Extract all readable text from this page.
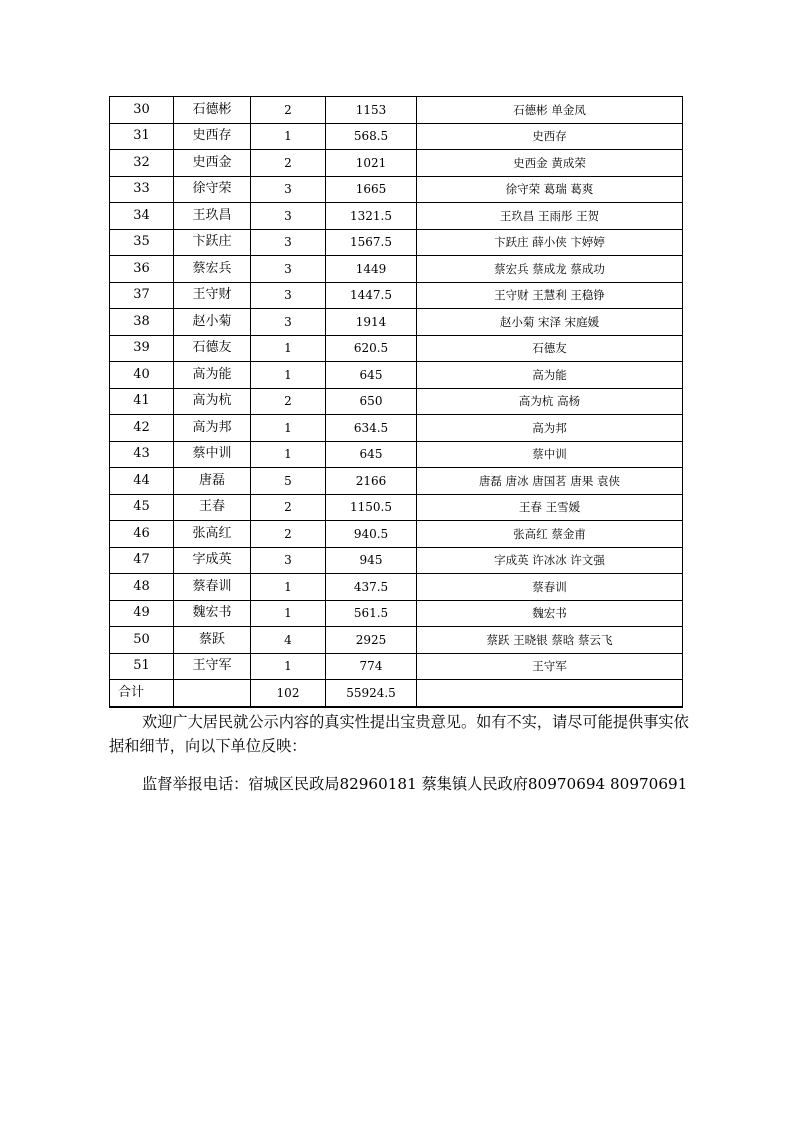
30	石德彬	2	1153	石德彬 单金凤
31	史西存	1	568.5	史西存
32	史西金	2	1021	史西金 黄成荣
33	徐守荣	3	1665	徐守荣 葛瑞 葛爽
34	王玖昌	3	1321.5	王玖昌 王雨彤 王贺
35	卞跃庄	3	1567.5	卞跃庄 薛小侠 卞婷婷
36	蔡宏兵	3	1449	蔡宏兵 蔡成龙 蔡成功
37	王守财	3	1447.5	王守财 王慧利 王稳铮
38	赵小菊	3	1914	赵小菊 宋泽 宋庭媛
39	石德友	1	620.5	石德友
40	高为能	1	645	高为能
41	高为杭	2	650	高为杭 高杨
42	高为邦	1	634.5	高为邦
43	蔡中训	1	645	蔡中训
44	唐磊	5	2166	唐磊 唐冰 唐国茗 唐果 袁侠
45	王春	2	1150.5	王春 王雪媛
46	张高红	2	940.5	张高红 蔡金甫
47	字成英	3	945	字成英 许冰冰 许文强
48	蔡春训	1	437.5	蔡春训
49	魏宏书	1	561.5	魏宏书
50	蔡跃	4	2925	蔡跃 王晓银 蔡晗 蔡云飞
51	王守军	1	774	王守军
合计		102	55924.5	

欢迎广大居民就公示内容的真实性提出宝贵意见。如有不实，请尽可能提供事实依据和细节，向以下单位反映：

监督举报电话：宿城区民政局82960181 蔡集镇人民政府80970694 80970691
